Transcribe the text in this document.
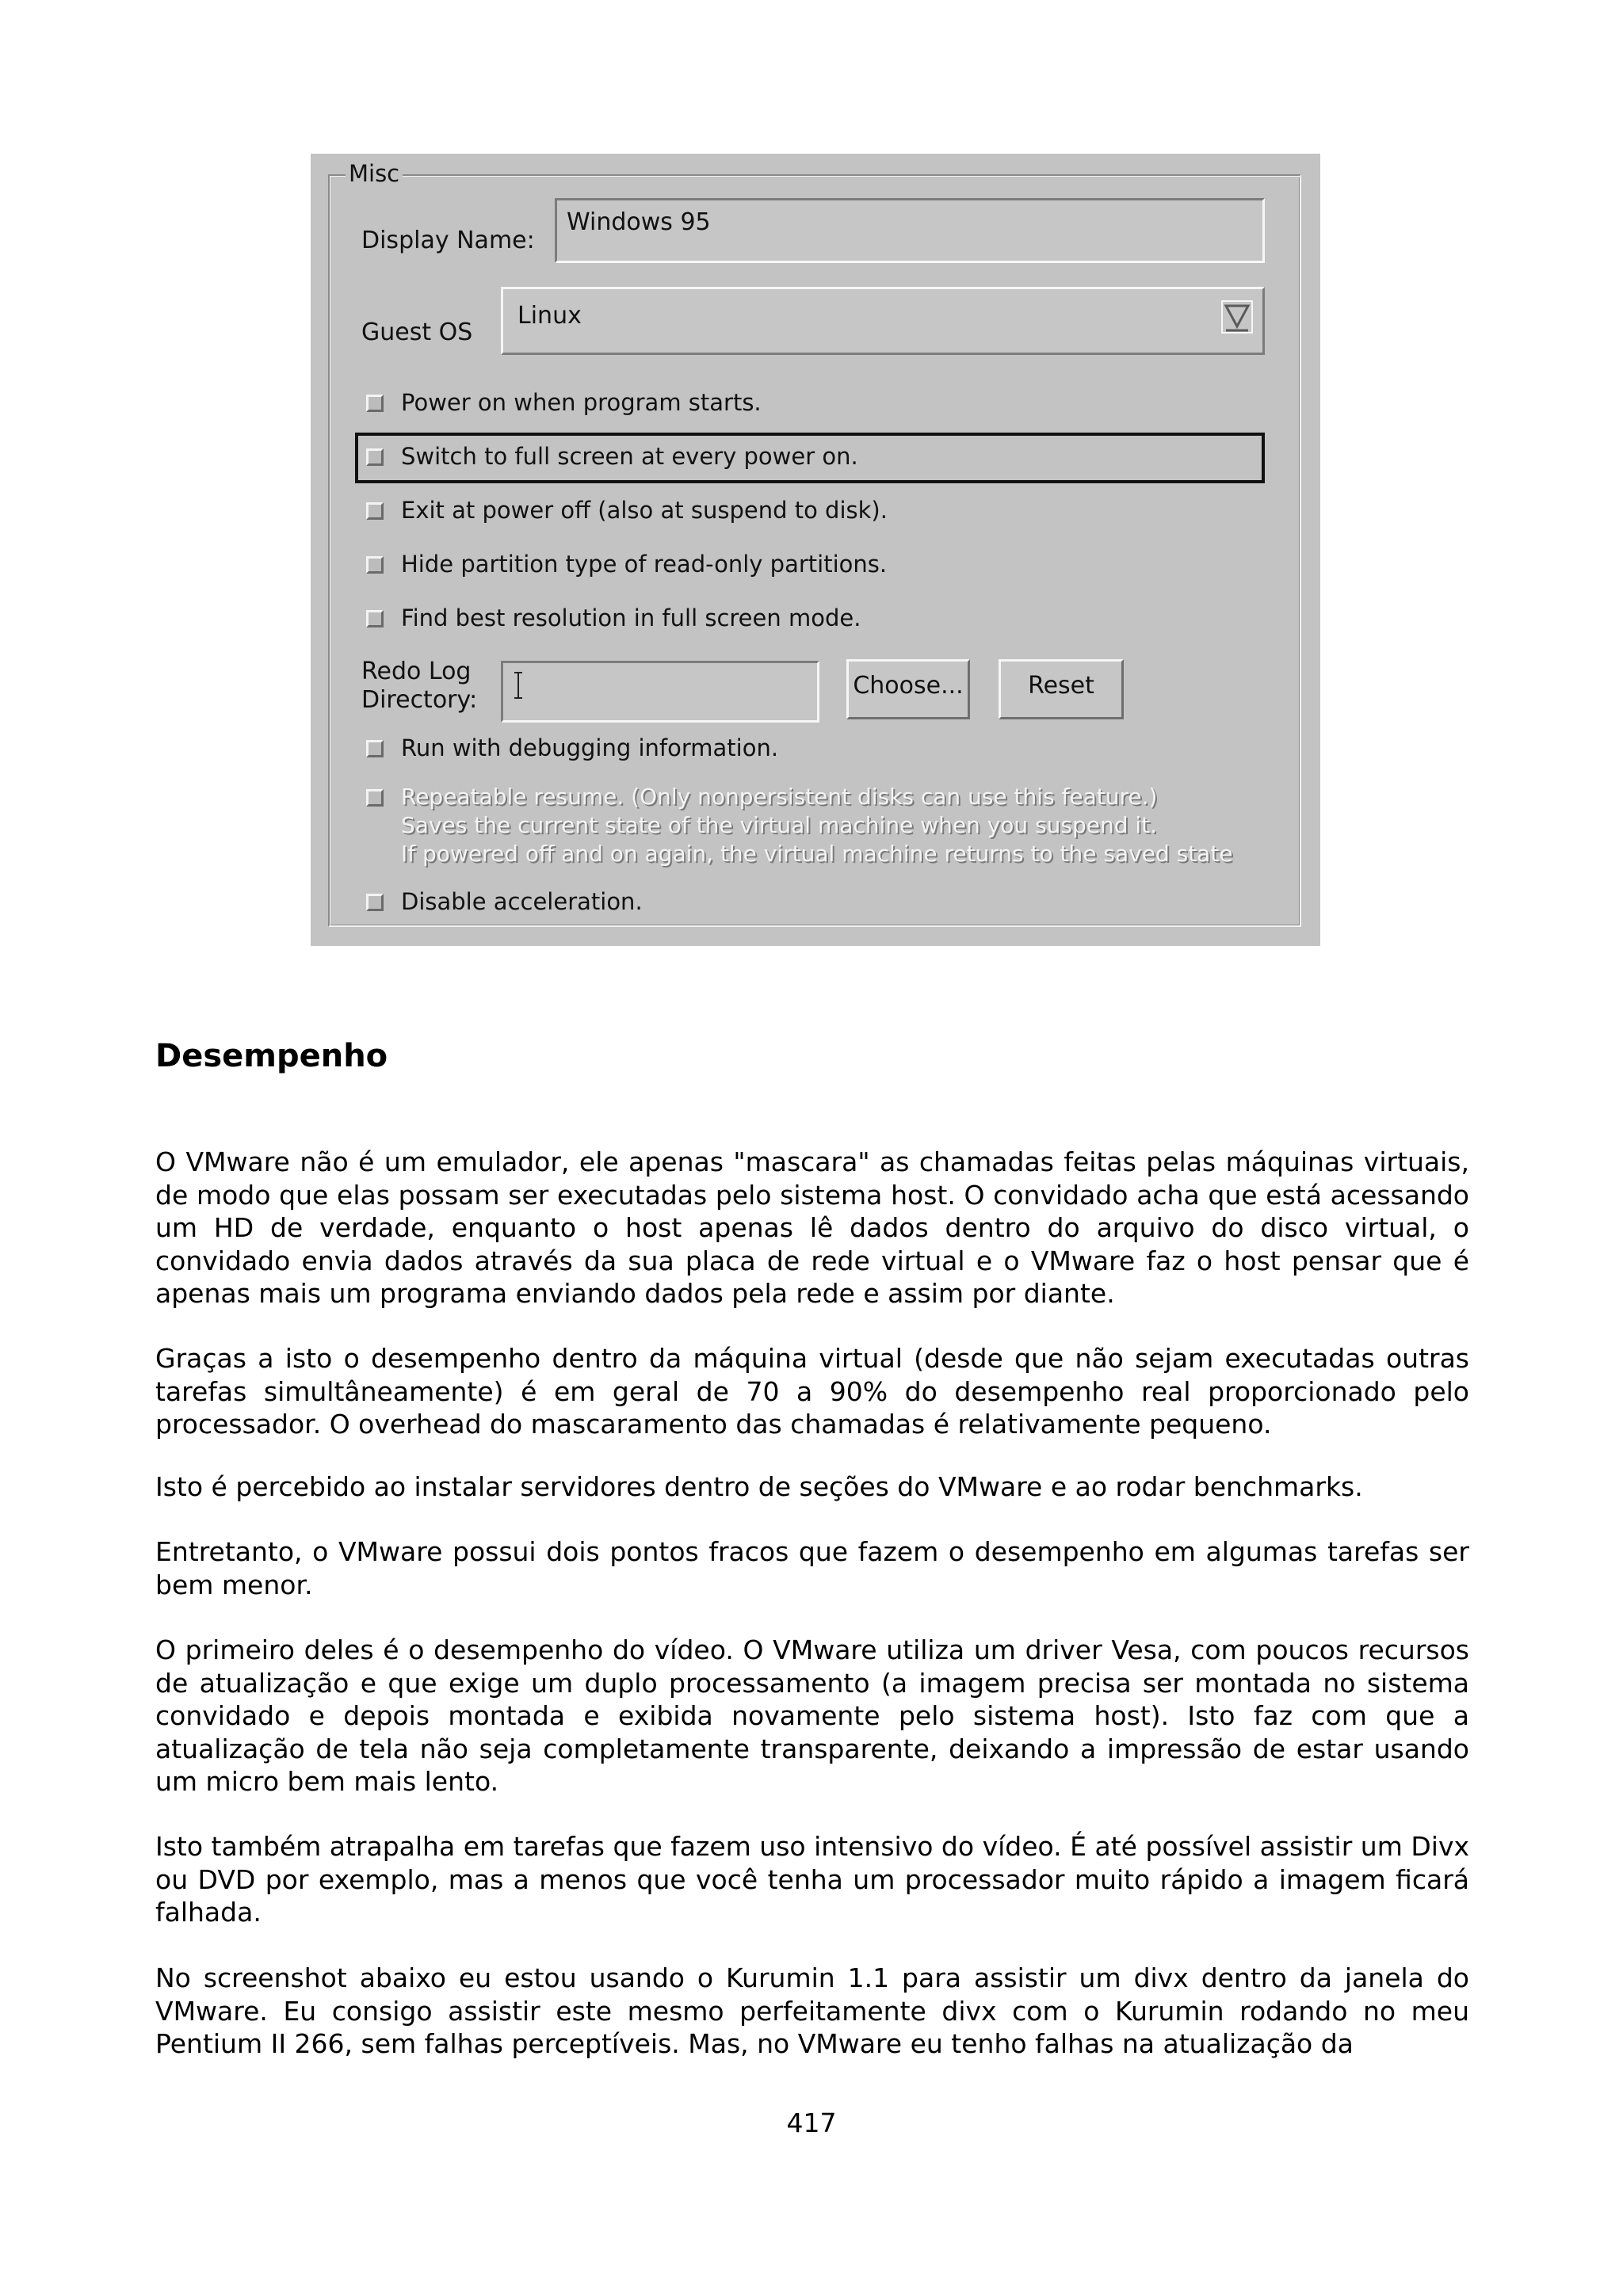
Misc
Display Name:
Windows 95
Guest OS
Linux
Power on when program starts.
Switch to full screen at every power on.
Exit at power off (also at suspend to disk).
Hide partition type of read-only partitions.
Find best resolution in full screen mode.
Redo Log
Directory:
Choose...	Reset
Run with debugging information.
Repeatable resume. (Only nonpersistent disks can use this feature.)
Saves the current state of the virtual machine when you suspend it.
If powered off and on again, the virtual machine returns to the saved state
Disable acceleration.
Desempenho

O VMware não é um emulador, ele apenas "mascara" as chamadas feitas pelas máquinas virtuais, de modo que elas possam ser executadas pelo sistema host. O convidado acha que está acessando um HD de verdade, enquanto o host apenas lê dados dentro do arquivo do disco virtual, o convidado envia dados através da sua placa de rede virtual e o VMware faz o host pensar que é apenas mais um programa enviando dados pela rede e assim por diante.

Graças a isto o desempenho dentro da máquina virtual (desde que não sejam executadas outras tarefas simultâneamente) é em geral de 70 a 90% do desempenho real proporcionado pelo processador. O overhead do mascaramento das chamadas é relativamente pequeno.

Isto é percebido ao instalar servidores dentro de seções do VMware e ao rodar benchmarks.

Entretanto, o VMware possui dois pontos fracos que fazem o desempenho em algumas tarefas ser bem menor.

O primeiro deles é o desempenho do vídeo. O VMware utiliza um driver Vesa, com poucos recursos de atualização e que exige um duplo processamento (a imagem precisa ser montada no sistema convidado e depois montada e exibida novamente pelo sistema host). Isto faz com que a atualização de tela não seja completamente transparente, deixando a impressão de estar usando um micro bem mais lento.

Isto também atrapalha em tarefas que fazem uso intensivo do vídeo. É até possível assistir um Divx ou DVD por exemplo, mas a menos que você tenha um processador muito rápido a imagem ficará falhada.

No screenshot abaixo eu estou usando o Kurumin 1.1 para assistir um divx dentro da janela do VMware. Eu consigo assistir este mesmo perfeitamente divx com o Kurumin rodando no meu Pentium II 266, sem falhas perceptíveis. Mas, no VMware eu tenho falhas na atualização da

417
